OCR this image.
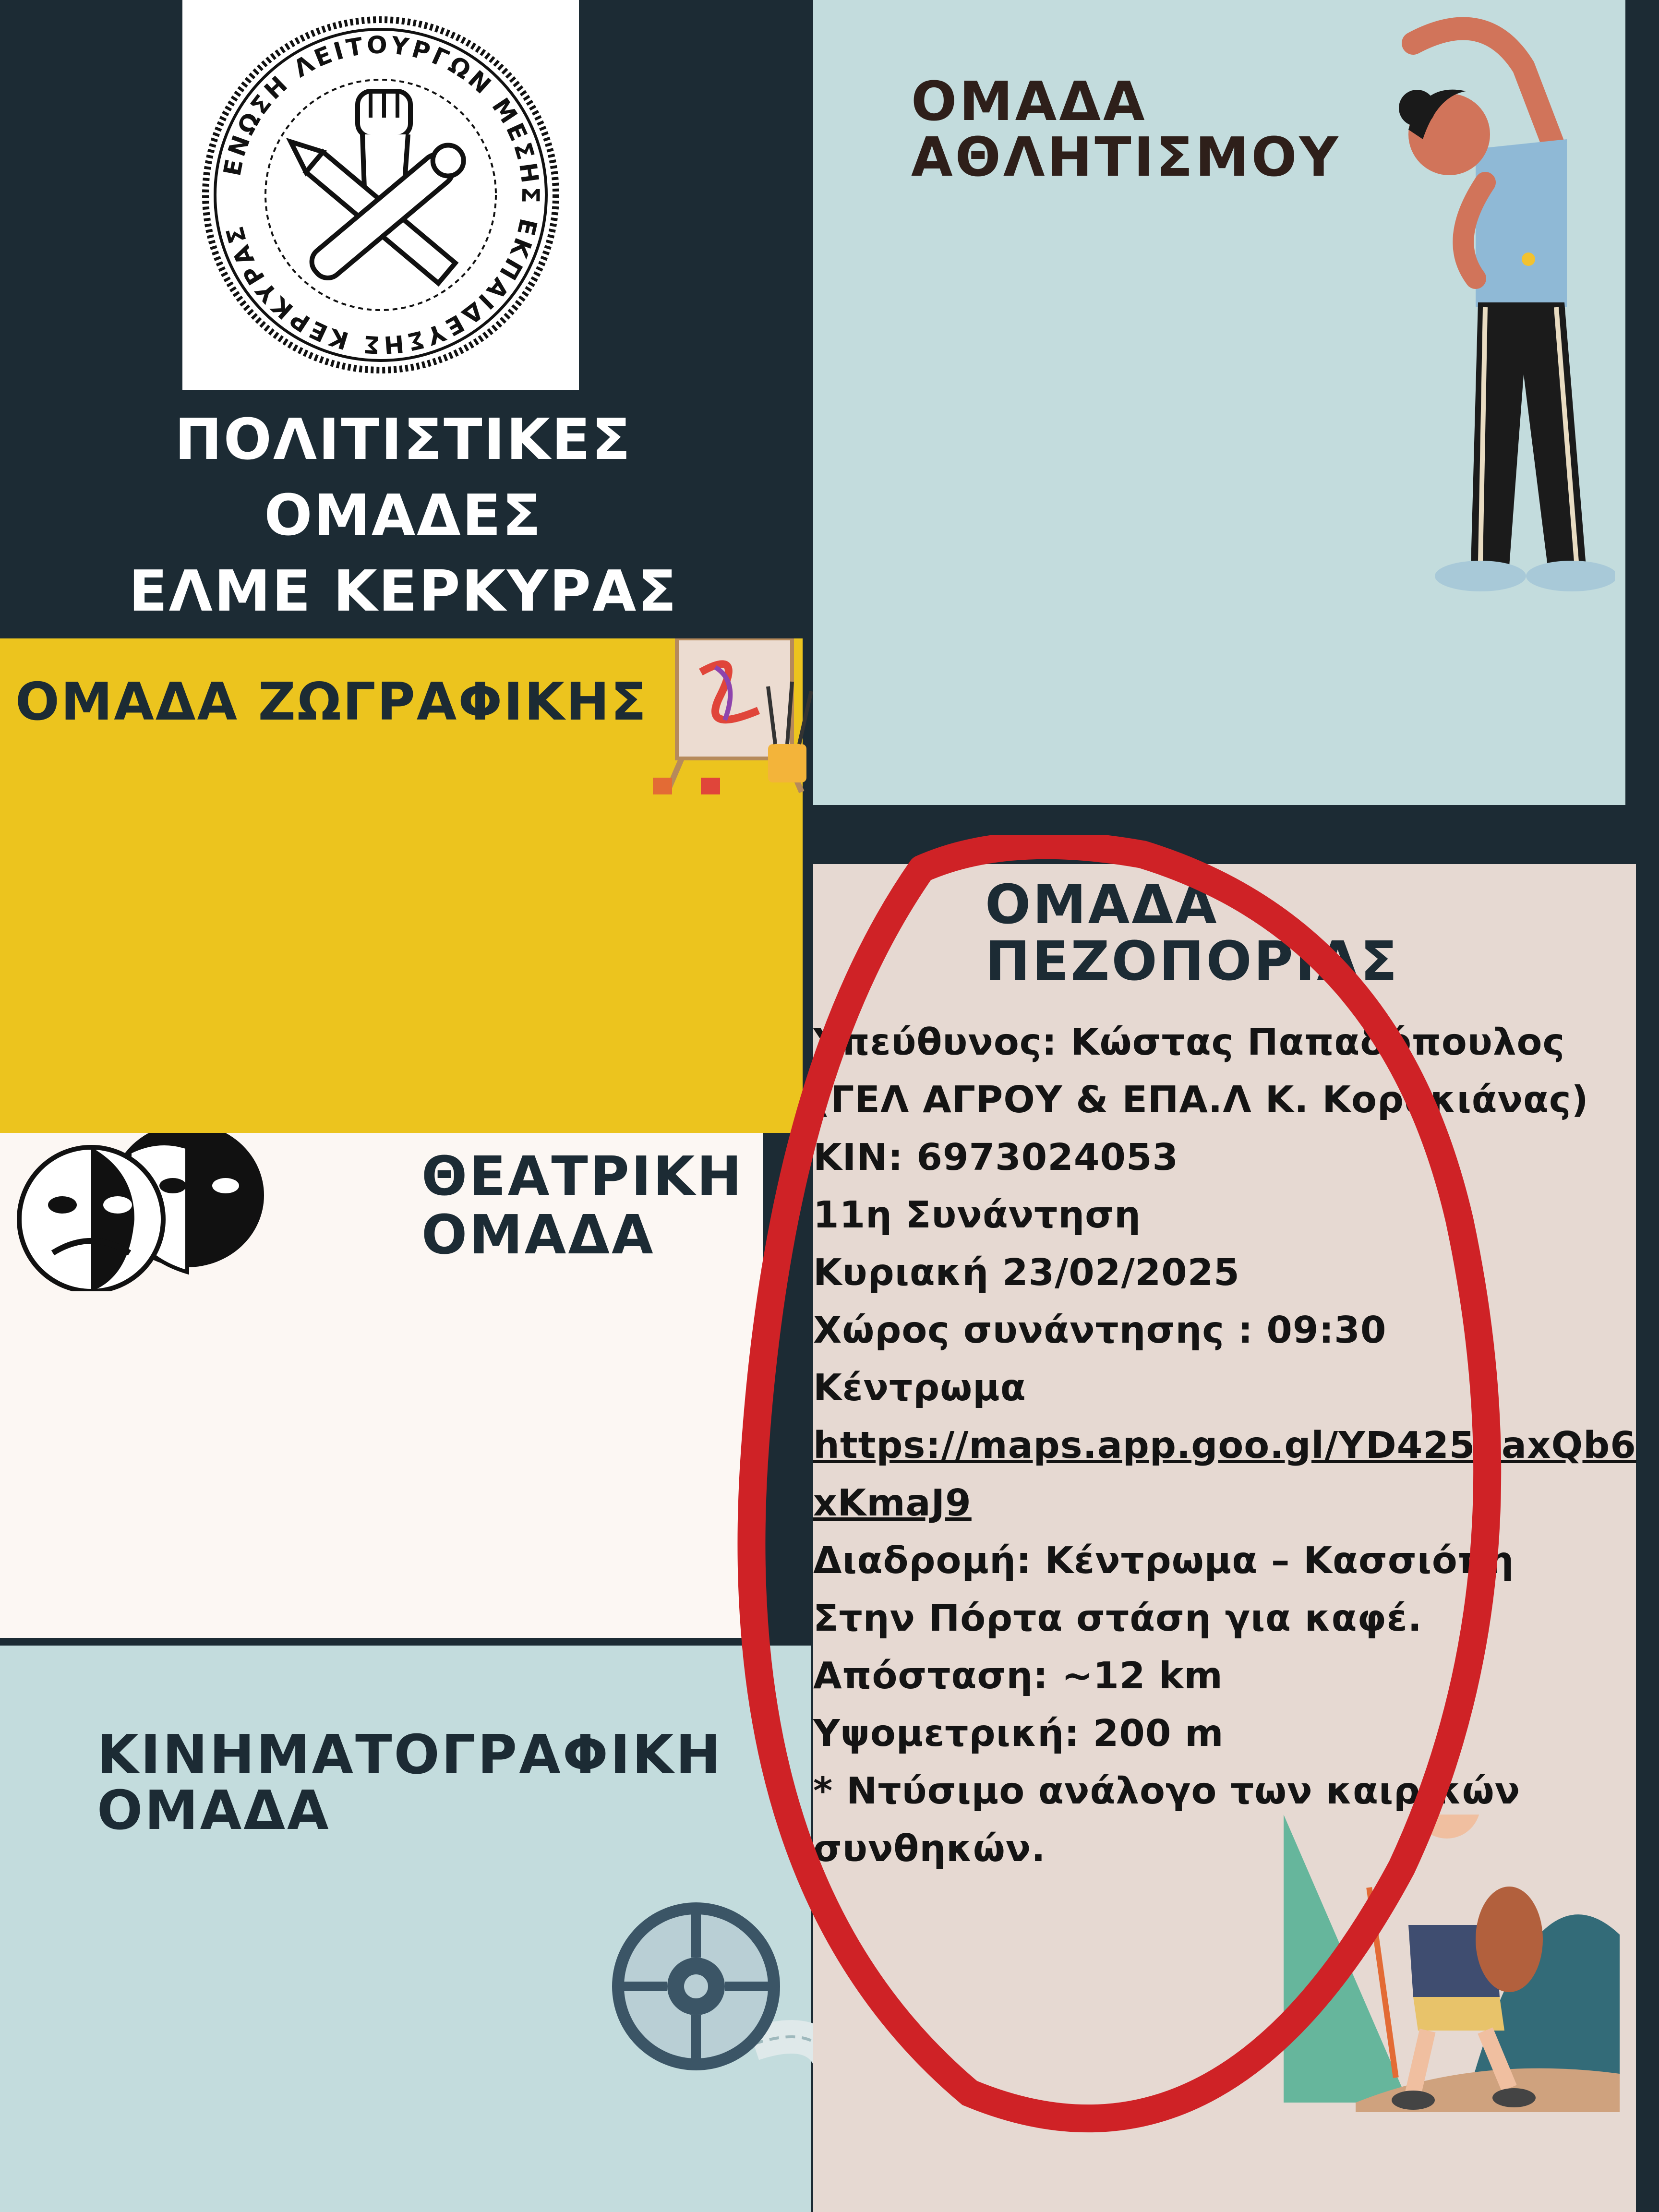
ΕΝΩΣΗ ΛΕΙΤΟΥΡΓΩΝ ΜΕΣΗΣ ΕΚΠΑΙΔΕΥΣΗΣ ΚΕΡΚΥΡΑΣ
ΠΟΛΙΤΙΣΤΙΚΕΣ
ΟΜΑΔΕΣ
ΕΛΜΕ ΚΕΡΚΥΡΑΣ
ΟΜΑΔΑ
ΑΘΛΗΤΙΣΜΟΥ
ΟΜΑΔΑ ΖΩΓΡΑΦΙΚΗΣ
ΘΕΑΤΡΙΚΗ
ΟΜΑΔΑ
ΚΙΝΗΜΑΤΟΓΡΑΦΙΚΗ
ΟΜΑΔΑ
ΟΜΑΔΑ
ΠΕΖΟΠΟΡΙΑΣ
Υπεύθυνος: Κώστας Παπαδόπουλος
(ΓΕΛ ΑΓΡΟΥ & ΕΠΑ.Λ Κ. Κορακιάνας)
ΚΙΝ: 6973024053
11η Συνάντηση
Κυριακή 23/02/2025
Χώρος συνάντησης : 09:30
Κέντρωμα
https://maps.app.goo.gl/YD4258axQb6
xKmaJ9
Διαδρομή: Κέντρωμα – Κασσιόπη
Στην Πόρτα στάση για καφέ.
Απόσταση: ~12 km
Υψομετρική: 200 m
* Ντύσιμο ανάλογο των καιρικών
συνθηκών.
